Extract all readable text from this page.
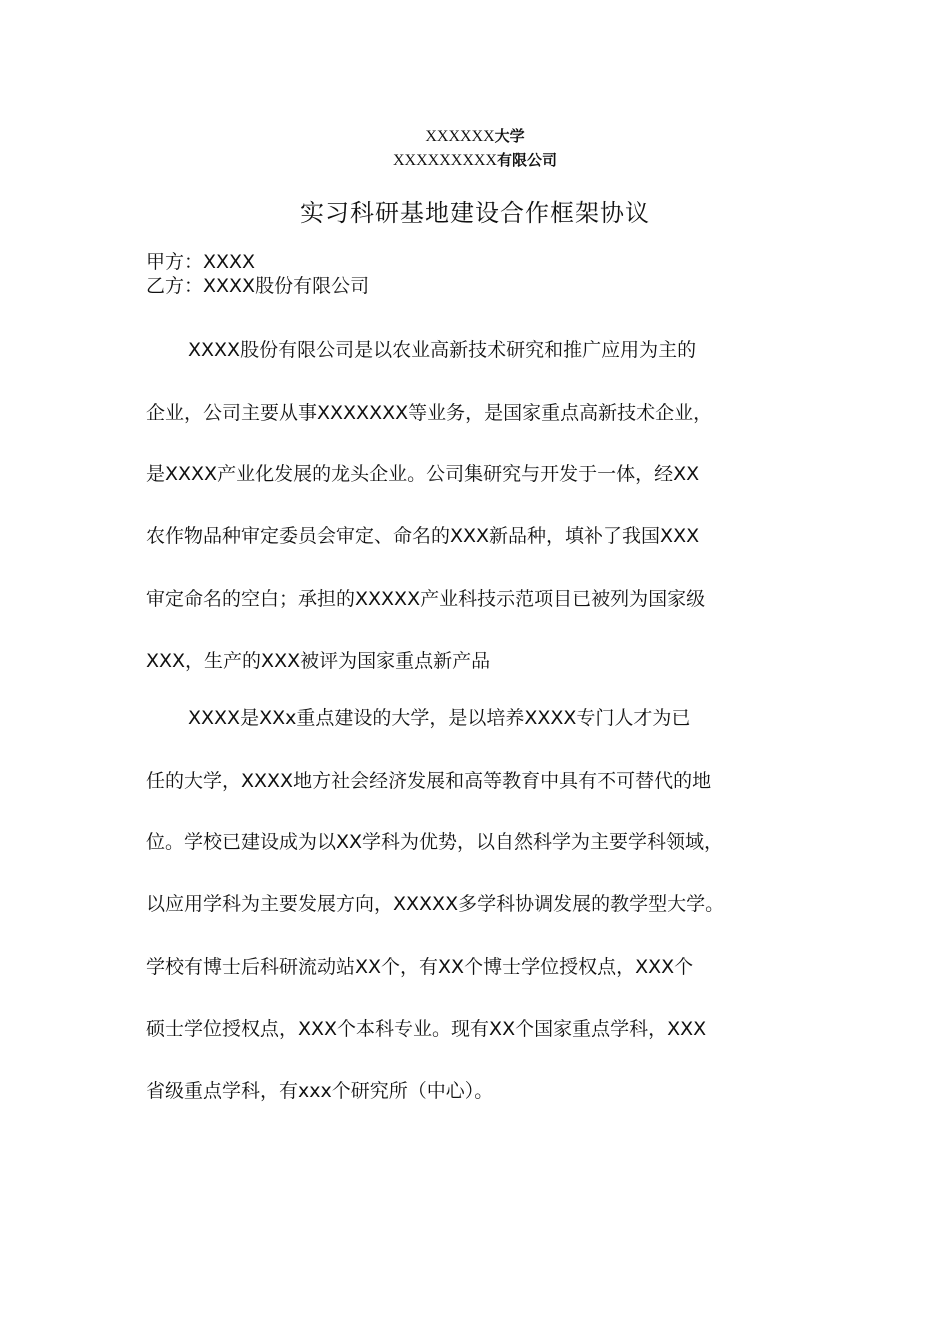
XXXXXX大学
XXXXXXXXX有限公司
实习科研基地建设合作框架协议
甲方：XXXX
乙方：XXXX股份有限公司
XXXX股份有限公司是以农业高新技术研究和推广应用为主的
企业，公司主要从事XXXXXXX等业务，是国家重点高新技术企业，
是XXXX产业化发展的龙头企业。公司集研究与开发于一体，经XX
农作物品种审定委员会审定、命名的XXX新品种，填补了我国XXX
审定命名的空白；承担的XXXXX产业科技示范项目已被列为国家级
XXX，生产的XXX被评为国家重点新产品
XXXX是XXx重点建设的大学，是以培养XXXX专门人才为已
任的大学，XXXX地方社会经济发展和高等教育中具有不可替代的地
位。学校已建设成为以XX学科为优势，以自然科学为主要学科领域，
以应用学科为主要发展方向，XXXXX多学科协调发展的教学型大学。
学校有博士后科研流动站XX个，有XX个博士学位授权点，XXX个
硕士学位授权点，XXX个本科专业。现有XX个国家重点学科，XXX
省级重点学科，有xxx个研究所（中心）。
